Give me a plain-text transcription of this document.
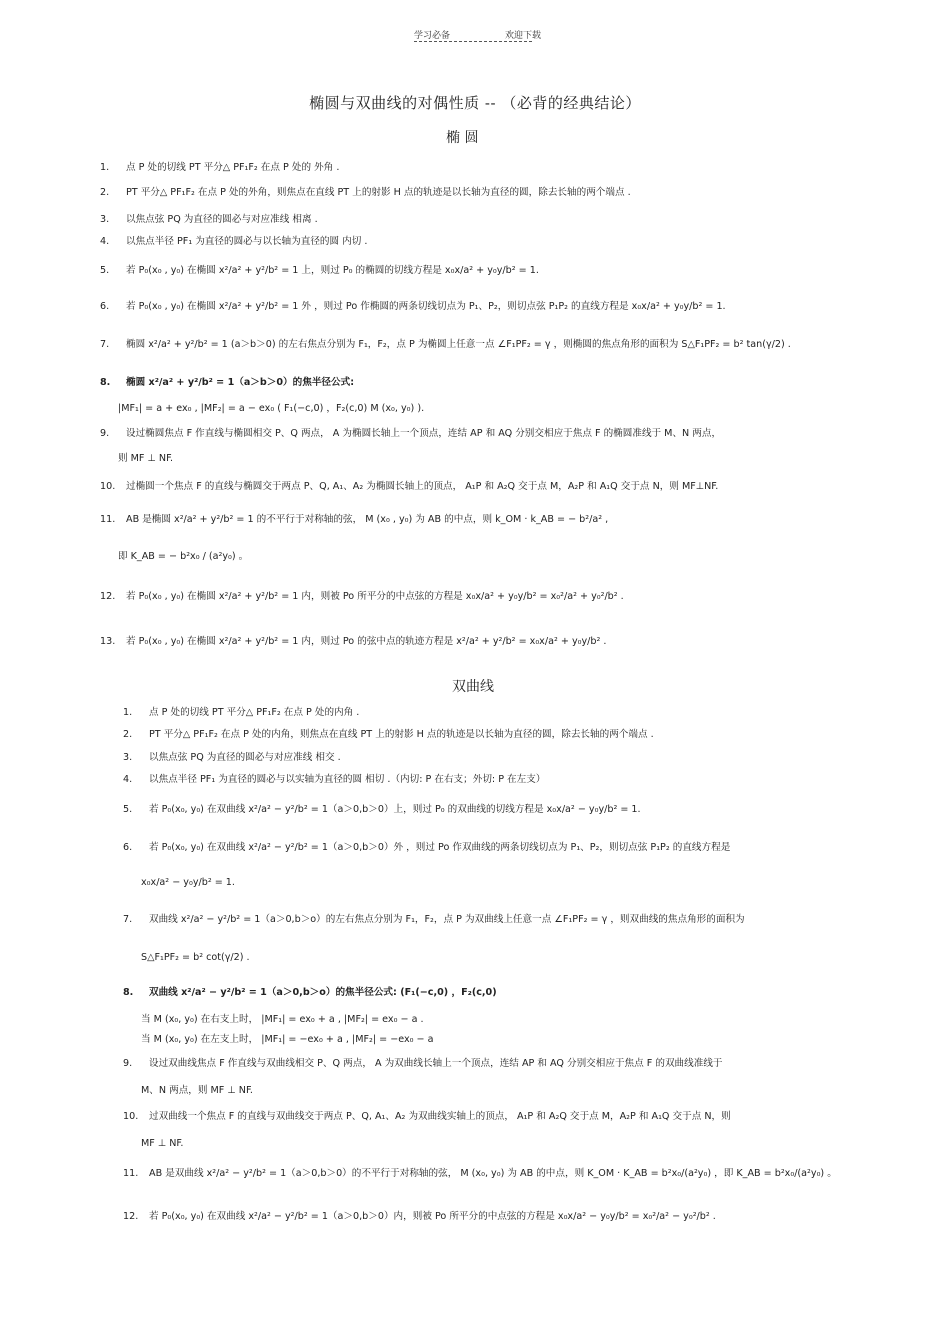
学习必备	欢迎下载
椭圆与双曲线的对偶性质 -- （必背的经典结论）
椭 圆
1.	点 P 处的切线 PT 平分△ PF₁F₂ 在点 P 处的 外角 .
2.	PT 平分△ PF₁F₂ 在点 P 处的外角，则焦点在直线 PT 上的射影 H 点的轨迹是以长轴为直径的圆，除去长轴的两个端点 .
3.	以焦点弦 PQ 为直径的圆必与对应准线 相离 .
4.	以焦点半径 PF₁ 为直径的圆必与以长轴为直径的圆 内切 .
5.	若 P₀(x₀ , y₀) 在椭圆 x²/a² + y²/b² = 1 上，则过 P₀ 的椭圆的切线方程是 x₀x/a² + y₀y/b² = 1.
6.	若 P₀(x₀ , y₀) 在椭圆 x²/a² + y²/b² = 1 外 ，则过 Po 作椭圆的两条切线切点为 P₁、P₂，则切点弦 P₁P₂ 的直线方程是 x₀x/a² + y₀y/b² = 1.
7.	椭圆 x²/a² + y²/b² = 1 (a＞b＞0) 的左右焦点分别为 F₁，F₂，点 P 为椭圆上任意一点 ∠F₁PF₂ = γ ，则椭圆的焦点角形的面积为 S△F₁PF₂ = b² tan(γ/2) .
8.	椭圆 x²/a² + y²/b² = 1（a＞b＞0）的焦半径公式:
|MF₁| = a + ex₀ , |MF₂| = a − ex₀ ( F₁(−c,0) ，F₂(c,0) M (x₀, y₀) ).
9.	设过椭圆焦点 F 作直线与椭圆相交 P、Q 两点， A 为椭圆长轴上一个顶点，连结 AP 和 AQ 分别交相应于焦点 F 的椭圆准线于 M、N 两点，
则 MF ⊥ NF.
10.	过椭圆一个焦点 F 的直线与椭圆交于两点 P、Q, A₁、A₂ 为椭圆长轴上的顶点， A₁P 和 A₂Q 交于点 M，A₂P 和 A₁Q 交于点 N，则 MF⊥NF.
11.	AB 是椭圆 x²/a² + y²/b² = 1 的不平行于对称轴的弦， M (x₀ , y₀) 为 AB 的中点，则 k_OM · k_AB = − b²/a² ,
即 K_AB = − b²x₀ / (a²y₀) 。
12.	若 P₀(x₀ , y₀) 在椭圆 x²/a² + y²/b² = 1 内，则被 Po 所平分的中点弦的方程是 x₀x/a² + y₀y/b² = x₀²/a² + y₀²/b² .
13.	若 P₀(x₀ , y₀) 在椭圆 x²/a² + y²/b² = 1 内，则过 Po 的弦中点的轨迹方程是 x²/a² + y²/b² = x₀x/a² + y₀y/b² .
双曲线
1.	点 P 处的切线 PT 平分△ PF₁F₂ 在点 P 处的内角 .
2.	PT 平分△ PF₁F₂ 在点 P 处的内角，则焦点在直线 PT 上的射影 H 点的轨迹是以长轴为直径的圆，除去长轴的两个端点 .
3.	以焦点弦 PQ 为直径的圆必与对应准线 相交 .
4.	以焦点半径 PF₁ 为直径的圆必与以实轴为直径的圆 相切 .（内切: P 在右支；外切: P 在左支）
5.	若 P₀(x₀, y₀) 在双曲线 x²/a² − y²/b² = 1（a＞0,b＞0）上，则过 P₀ 的双曲线的切线方程是 x₀x/a² − y₀y/b² = 1.
6.	若 P₀(x₀, y₀) 在双曲线 x²/a² − y²/b² = 1（a＞0,b＞0）外 ，则过 Po 作双曲线的两条切线切点为 P₁、P₂，则切点弦 P₁P₂ 的直线方程是
x₀x/a² − y₀y/b² = 1.
7.	双曲线 x²/a² − y²/b² = 1（a＞0,b＞o）的左右焦点分别为 F₁，F₂，点 P 为双曲线上任意一点 ∠F₁PF₂ = γ ，则双曲线的焦点角形的面积为
S△F₁PF₂ = b² cot(γ/2) .
8.	双曲线 x²/a² − y²/b² = 1（a＞0,b＞o）的焦半径公式: (F₁(−c,0) ，F₂(c,0)
当 M (x₀, y₀) 在右支上时， |MF₁| = ex₀ + a , |MF₂| = ex₀ − a .
当 M (x₀, y₀) 在左支上时， |MF₁| = −ex₀ + a , |MF₂| = −ex₀ − a
9.	设过双曲线焦点 F 作直线与双曲线相交 P、Q 两点， A 为双曲线长轴上一个顶点，连结 AP 和 AQ 分别交相应于焦点 F 的双曲线准线于
M、N 两点，则 MF ⊥ NF.
10.	过双曲线一个焦点 F 的直线与双曲线交于两点 P、Q, A₁、A₂ 为双曲线实轴上的顶点， A₁P 和 A₂Q 交于点 M，A₂P 和 A₁Q 交于点 N，则
MF ⊥ NF.
11.	AB 是双曲线 x²/a² − y²/b² = 1（a＞0,b＞0）的不平行于对称轴的弦， M (x₀, y₀) 为 AB 的中点，则 K_OM · K_AB = b²x₀/(a²y₀) ，即 K_AB = b²x₀/(a²y₀) 。
12.	若 P₀(x₀, y₀) 在双曲线 x²/a² − y²/b² = 1（a＞0,b＞0）内，则被 Po 所平分的中点弦的方程是 x₀x/a² − y₀y/b² = x₀²/a² − y₀²/b² .
